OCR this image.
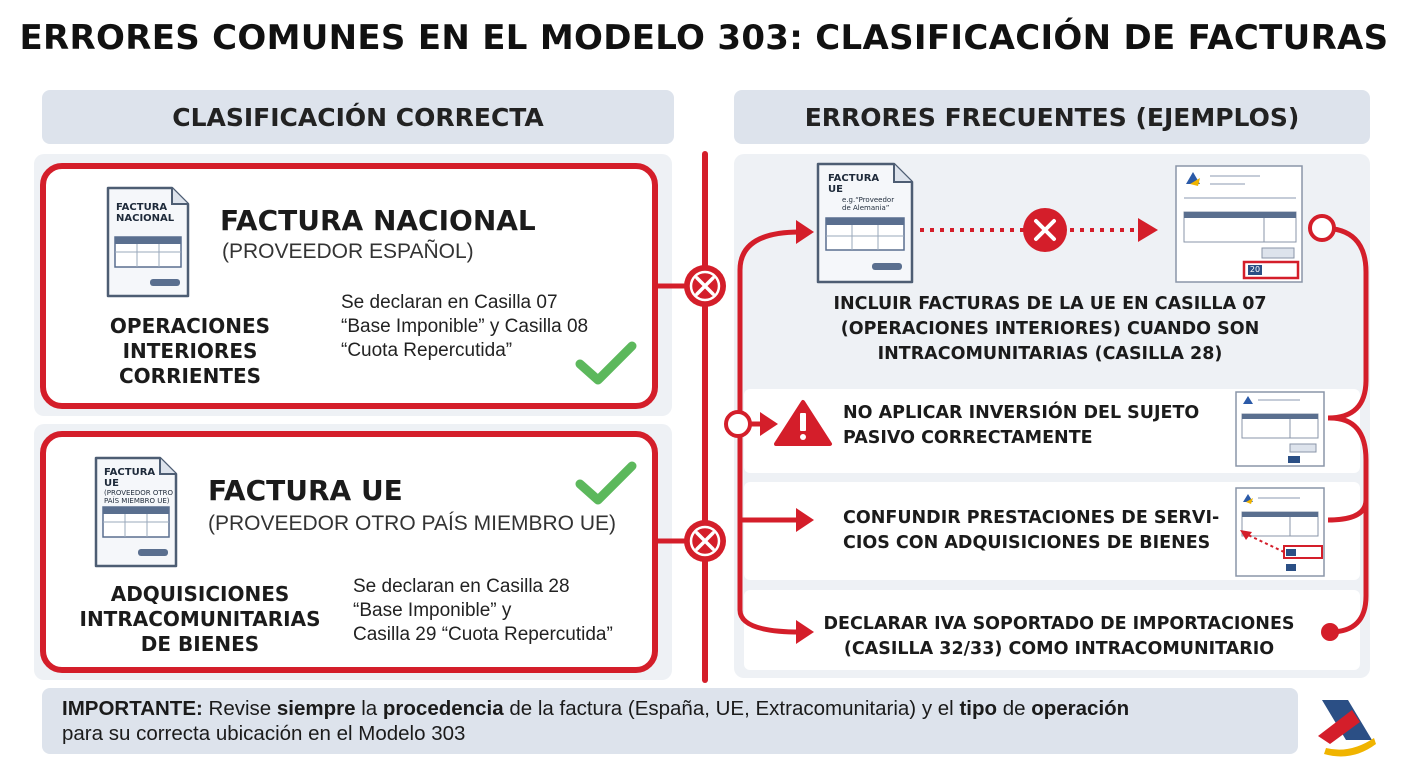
ERRORES COMUNES EN EL MODELO 303: CLASIFICACIÓN DE FACTURAS
CLASIFICACIÓN CORRECTA	ERRORES FRECUENTES (EJEMPLOS)
FACTURA
NACIONAL FACTURA NACIONAL
(PROVEEDOR ESPAÑOL)
OPERACIONES
INTERIORES
CORRIENTES
Se declaran en Casilla 07
“Base Imponible” y Casilla 08
“Cuota Repercutida”
FACTURA
UE
(PROVEEDOR OTRO
PAÍS MIEMBRO UE) FACTURA UE
(PROVEEDOR OTRO PAÍS MIEMBRO UE)
ADQUISICIONES
INTRACOMUNITARIAS
DE BIENES
Se declaran en Casilla 28
“Base Imponible” y
Casilla 29 “Cuota Repercutida”
FACTURA
UE
e.g.“Proveedor
de Alemania”
20
INCLUIR FACTURAS DE LA UE EN CASILLA 07
(OPERACIONES INTERIORES) CUANDO SON
INTRACOMUNITARIAS (CASILLA 28)
NO APLICAR INVERSIÓN DEL SUJETO
PASIVO CORRECTAMENTE
CONFUNDIR PRESTACIONES DE SERVI-
CIOS CON ADQUISICIONES DE BIENES
DECLARAR IVA SOPORTADO DE IMPORTACIONES
(CASILLA 32/33) COMO INTRACOMUNITARIO
IMPORTANTE: Revise siempre la procedencia de la factura (España, UE, Extracomunitaria) y el tipo de operación
para su correcta ubicación en el Modelo 303
